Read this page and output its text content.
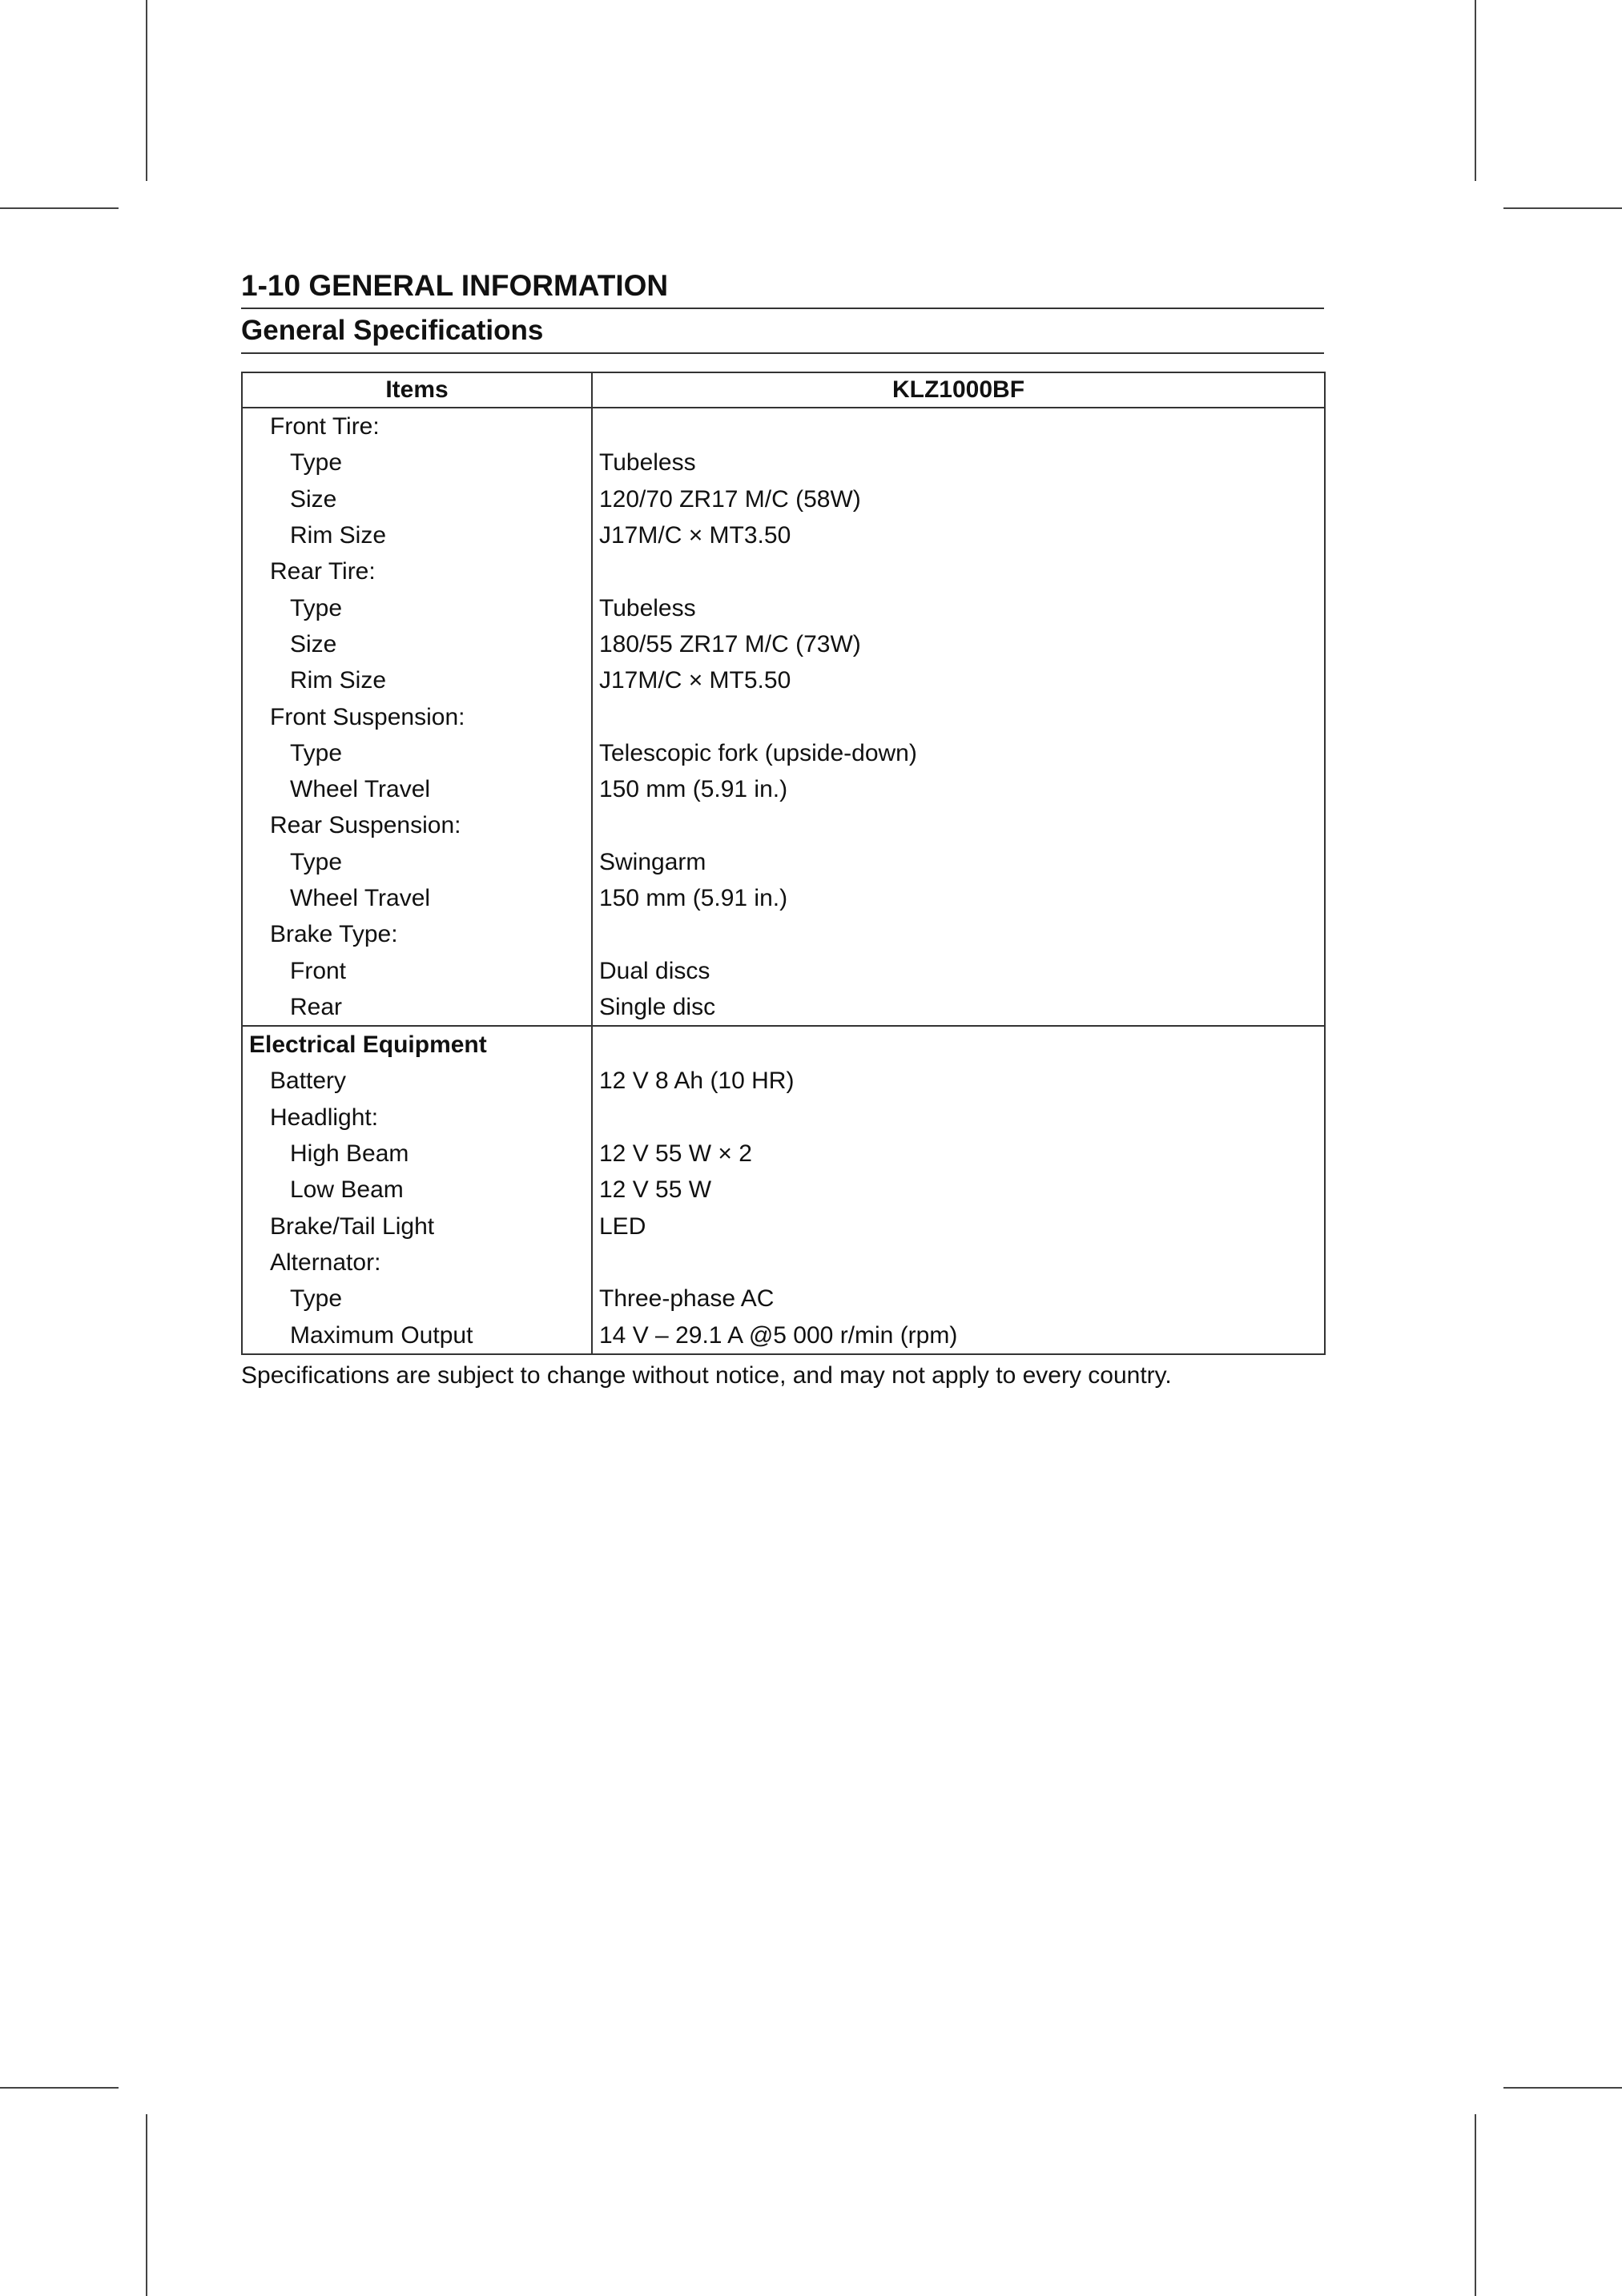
1-10 GENERAL INFORMATION
General Specifications
Items	KLZ1000BF
Front Tire:	
Type	Tubeless
Size	120/70 ZR17 M/C (58W)
Rim Size	J17M/C × MT3.50
Rear Tire:	
Type	Tubeless
Size	180/55 ZR17 M/C (73W)
Rim Size	J17M/C × MT5.50
Front Suspension:	
Type	Telescopic fork (upside-down)
Wheel Travel	150 mm (5.91 in.)
Rear Suspension:	
Type	Swingarm
Wheel Travel	150 mm (5.91 in.)
Brake Type:	
Front	Dual discs
Rear	Single disc
Electrical Equipment	
Battery	12 V 8 Ah (10 HR)
Headlight:	
High Beam	12 V 55 W × 2
Low Beam	12 V 55 W
Brake/Tail Light	LED
Alternator:	
Type	Three-phase AC
Maximum Output	14 V – 29.1 A @5 000 r/min (rpm)
Specifications are subject to change without notice, and may not apply to every country.
